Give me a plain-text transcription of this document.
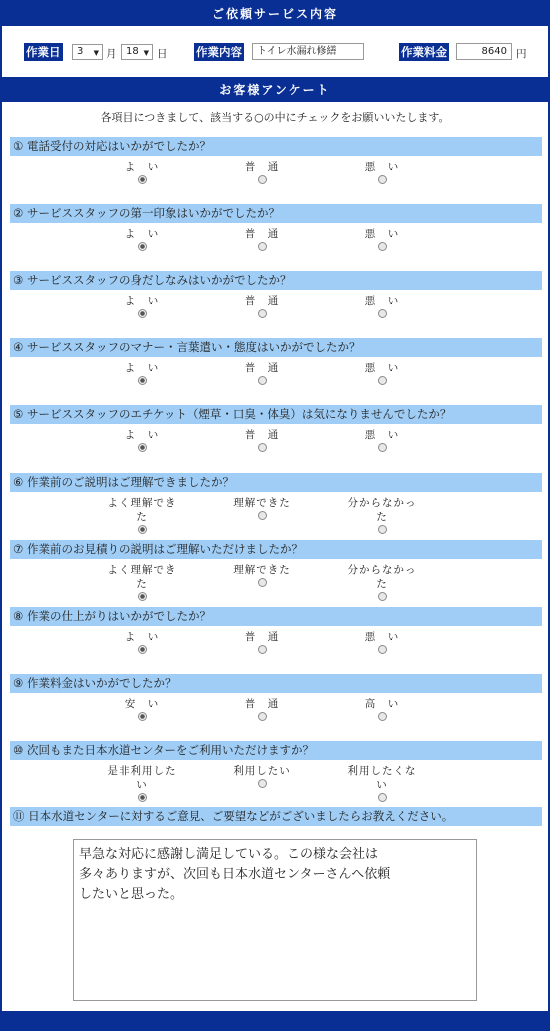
ご依頼サービス内容
作業日	3 ▼ 月 18 ▼ 日 作業内容	トイレ水漏れ修繕	作業料金	8640 円
お客様アンケート
各項目につきまして、該当する○の中にチェックをお願いいたします。
① 電話受付の対応はいかがでしたか？
よ　い	普　通	悪　い
② サービススタッフの第一印象はいかがでしたか？
よ　い	普　通	悪　い
③ サービススタッフの身だしなみはいかがでしたか？
よ　い	普　通	悪　い
④ サービススタッフのマナー・言葉遣い・態度はいかがでしたか？
よ　い	普　通	悪　い
⑤ サービススタッフのエチケット（煙草・口臭・体臭）は気になりませんでしたか？
よ　い	普　通	悪　い
⑥ 作業前のご説明はご理解できましたか？
よく理解できた
理解できた	分からなかった
⑦ 作業前のお見積りの説明はご理解いただけましたか？
よく理解できた
理解できた	分からなかった
⑧ 作業の仕上がりはいかがでしたか？
よ　い	普　通	悪　い
⑨ 作業料金はいかがでしたか？
安　い	普　通	高　い
⑩ 次回もまた日本水道センターをご利用いただけますか？
是非利用したい
利用したい	利用したくない
⑪ 日本水道センターに対するご意見、ご要望などがございましたらお教えください。
早急な対応に感謝し満足している。この様な会社は
多々ありますが、次回も日本水道センターさんへ依頼
したいと思った。
